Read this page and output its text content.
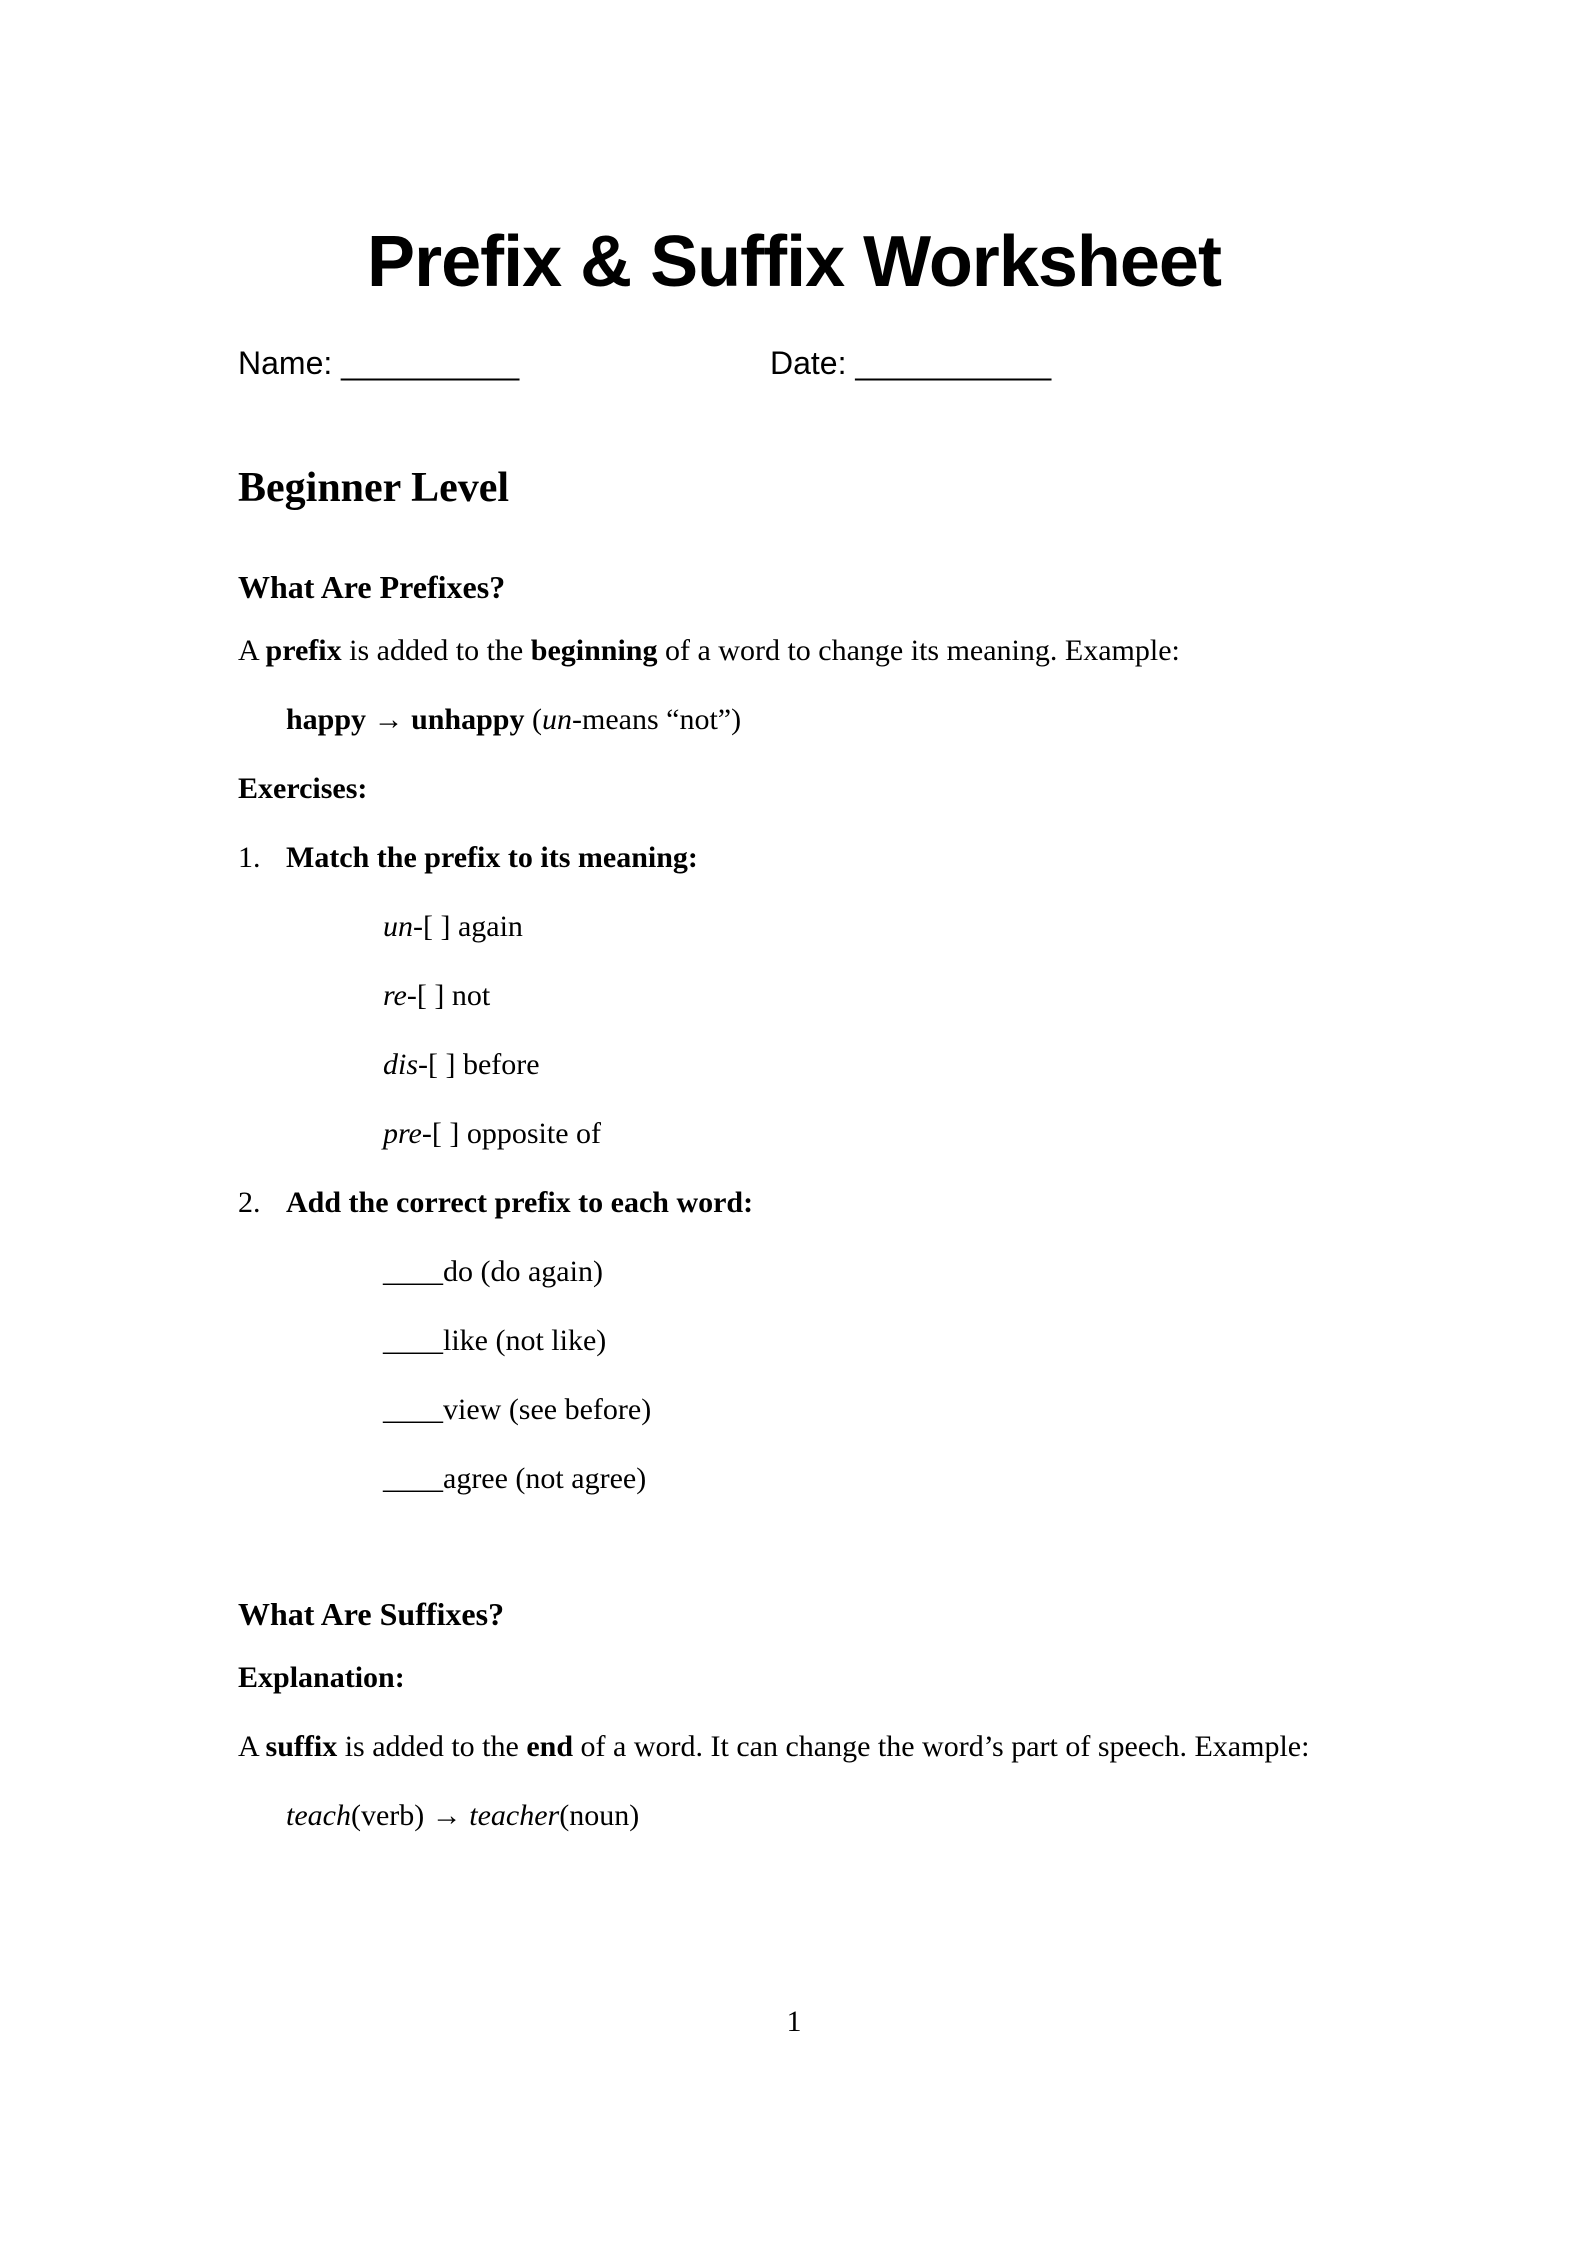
Prefix & Suffix Worksheet
Name: __________	Date: ___________
Beginner Level
What Are Prefixes?

A prefix is added to the beginning of a word to change its meaning. Example:

happy → unhappy (un-means “not”)

Exercises:

1. Match the prefix to its meaning:

un-[ ] again

re-[ ] not

dis-[ ] before

pre-[ ] opposite of

2. Add the correct prefix to each word:

____do (do again)

____like (not like)

____view (see before)

____agree (not agree)

What Are Suffixes?

Explanation:

A suffix is added to the end of a word. It can change the word’s part of speech. Example:

teach(verb) → teacher(noun)

1
